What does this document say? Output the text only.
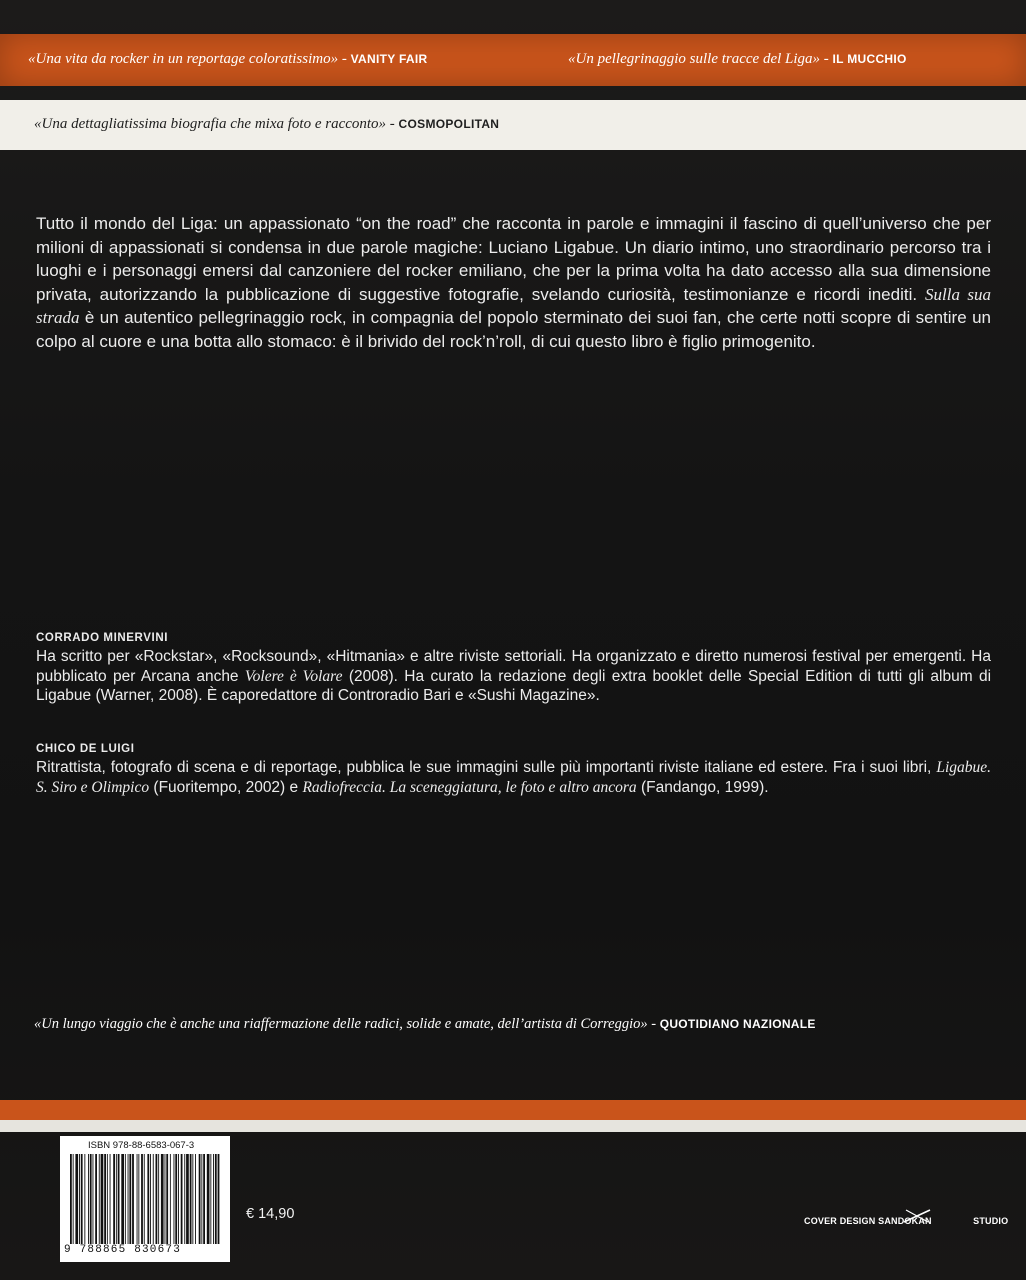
«Una vita da rocker in un reportage coloratissimo» - VANITY FAIR	«Un pellegrinaggio sulle tracce del Liga» - IL MUCCHIO
«Una dettagliatissima biografia che mixa foto e racconto» - COSMOPOLITAN

Tutto il mondo del Liga: un appassionato “on the road” che racconta in parole e immagini il fascino di quell’universo che per milioni di appassionati si condensa in due parole magiche: Luciano Ligabue. Un diario intimo, uno straordinario percorso tra i luoghi e i personaggi emersi dal canzoniere del rocker emiliano, che per la prima volta ha dato accesso alla sua dimensione privata, autorizzando la pubblicazione di suggestive fotografie, svelando curiosità, testimonianze e ricordi inediti. Sulla sua strada è un autentico pellegrinaggio rock, in compagnia del popolo sterminato dei suoi fan, che certe notti scopre di sentire un colpo al cuore e una botta allo stomaco: è il brivido del rock’n’roll, di cui questo libro è figlio primogenito.

CORRADO MINERVINI

Ha scritto per «Rockstar», «Rocksound», «Hitmania» e altre riviste settoriali. Ha organizzato e diretto numerosi festival per emergenti. Ha pubblicato per Arcana anche Volere è Volare (2008). Ha curato la redazione degli extra booklet delle Special Edition di tutti gli album di Ligabue (Warner, 2008). È caporedattore di Controradio Bari e «Sushi Magazine».

CHICO DE LUIGI

Ritrattista, fotografo di scena e di reportage, pubblica le sue immagini sulle più importanti riviste italiane ed estere. Fra i suoi libri, Ligabue. S. Siro e Olimpico (Fuoritempo, 2002) e Radiofreccia. La sceneggiatura, le foto e altro ancora (Fandango, 1999).

«Un lungo viaggio che è anche una riaffermazione delle radici, solide e amate, dell’artista di Correggio» - QUOTIDIANO NAZIONALE
ISBN 978-88-6583-067-3
9 788865 830673
€ 14,90	COVER DESIGN SANDOKAN	STUDIO
